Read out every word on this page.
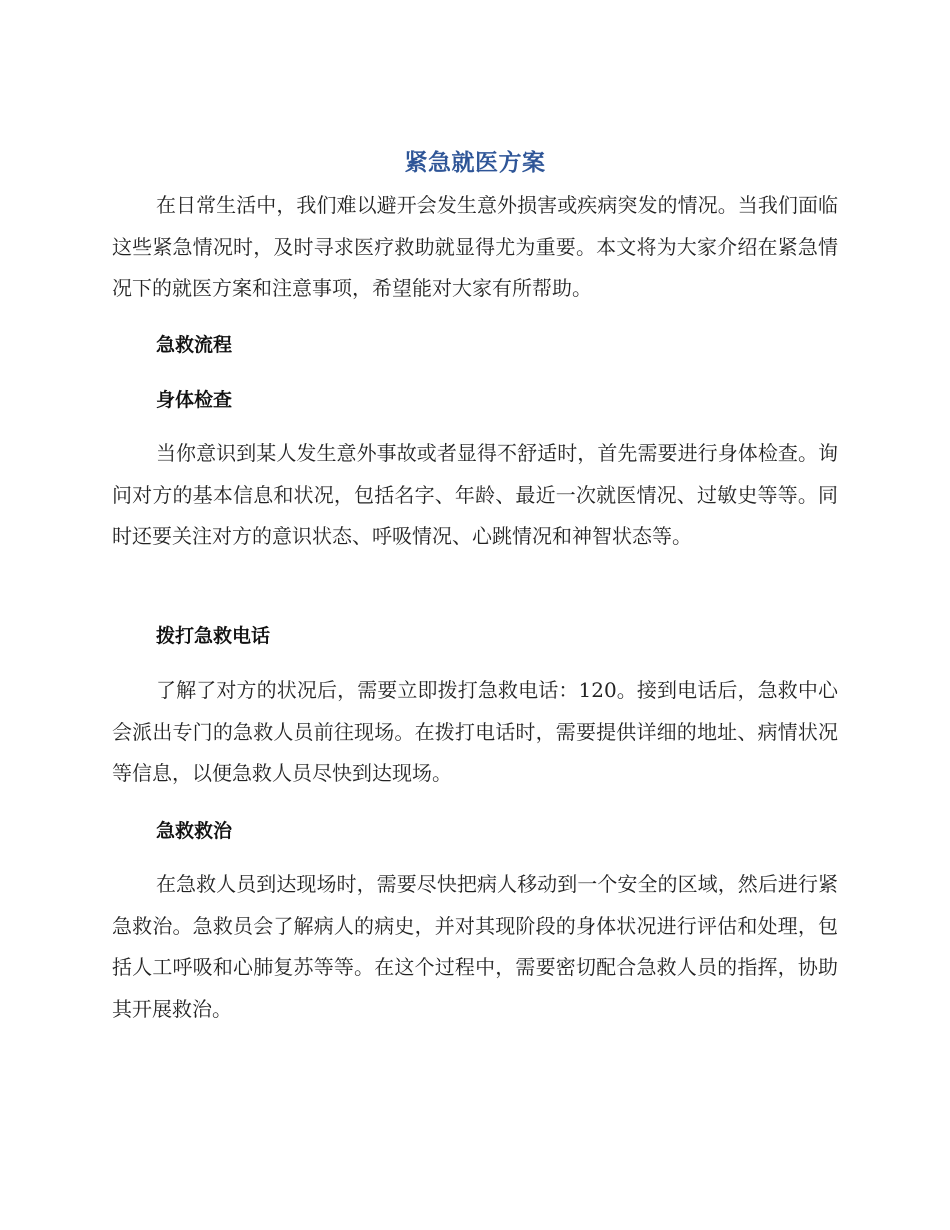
紧急就医方案

在日常生活中，我们难以避开会发生意外损害或疾病突发的情况。当我们面临这些紧急情况时，及时寻求医疗救助就显得尤为重要。本文将为大家介绍在紧急情况下的就医方案和注意事项，希望能对大家有所帮助。

急救流程
身体检查

当你意识到某人发生意外事故或者显得不舒适时，首先需要进行身体检查。询问对方的基本信息和状况，包括名字、年龄、最近一次就医情况、过敏史等等。同时还要关注对方的意识状态、呼吸情况、心跳情况和神智状态等。

拨打急救电话

了解了对方的状况后，需要立即拨打急救电话：120。接到电话后，急救中心会派出专门的急救人员前往现场。在拨打电话时，需要提供详细的地址、病情状况等信息，以便急救人员尽快到达现场。

急救救治

在急救人员到达现场时，需要尽快把病人移动到一个安全的区域，然后进行紧急救治。急救员会了解病人的病史，并对其现阶段的身体状况进行评估和处理，包括人工呼吸和心肺复苏等等。在这个过程中，需要密切配合急救人员的指挥，协助其开展救治。
